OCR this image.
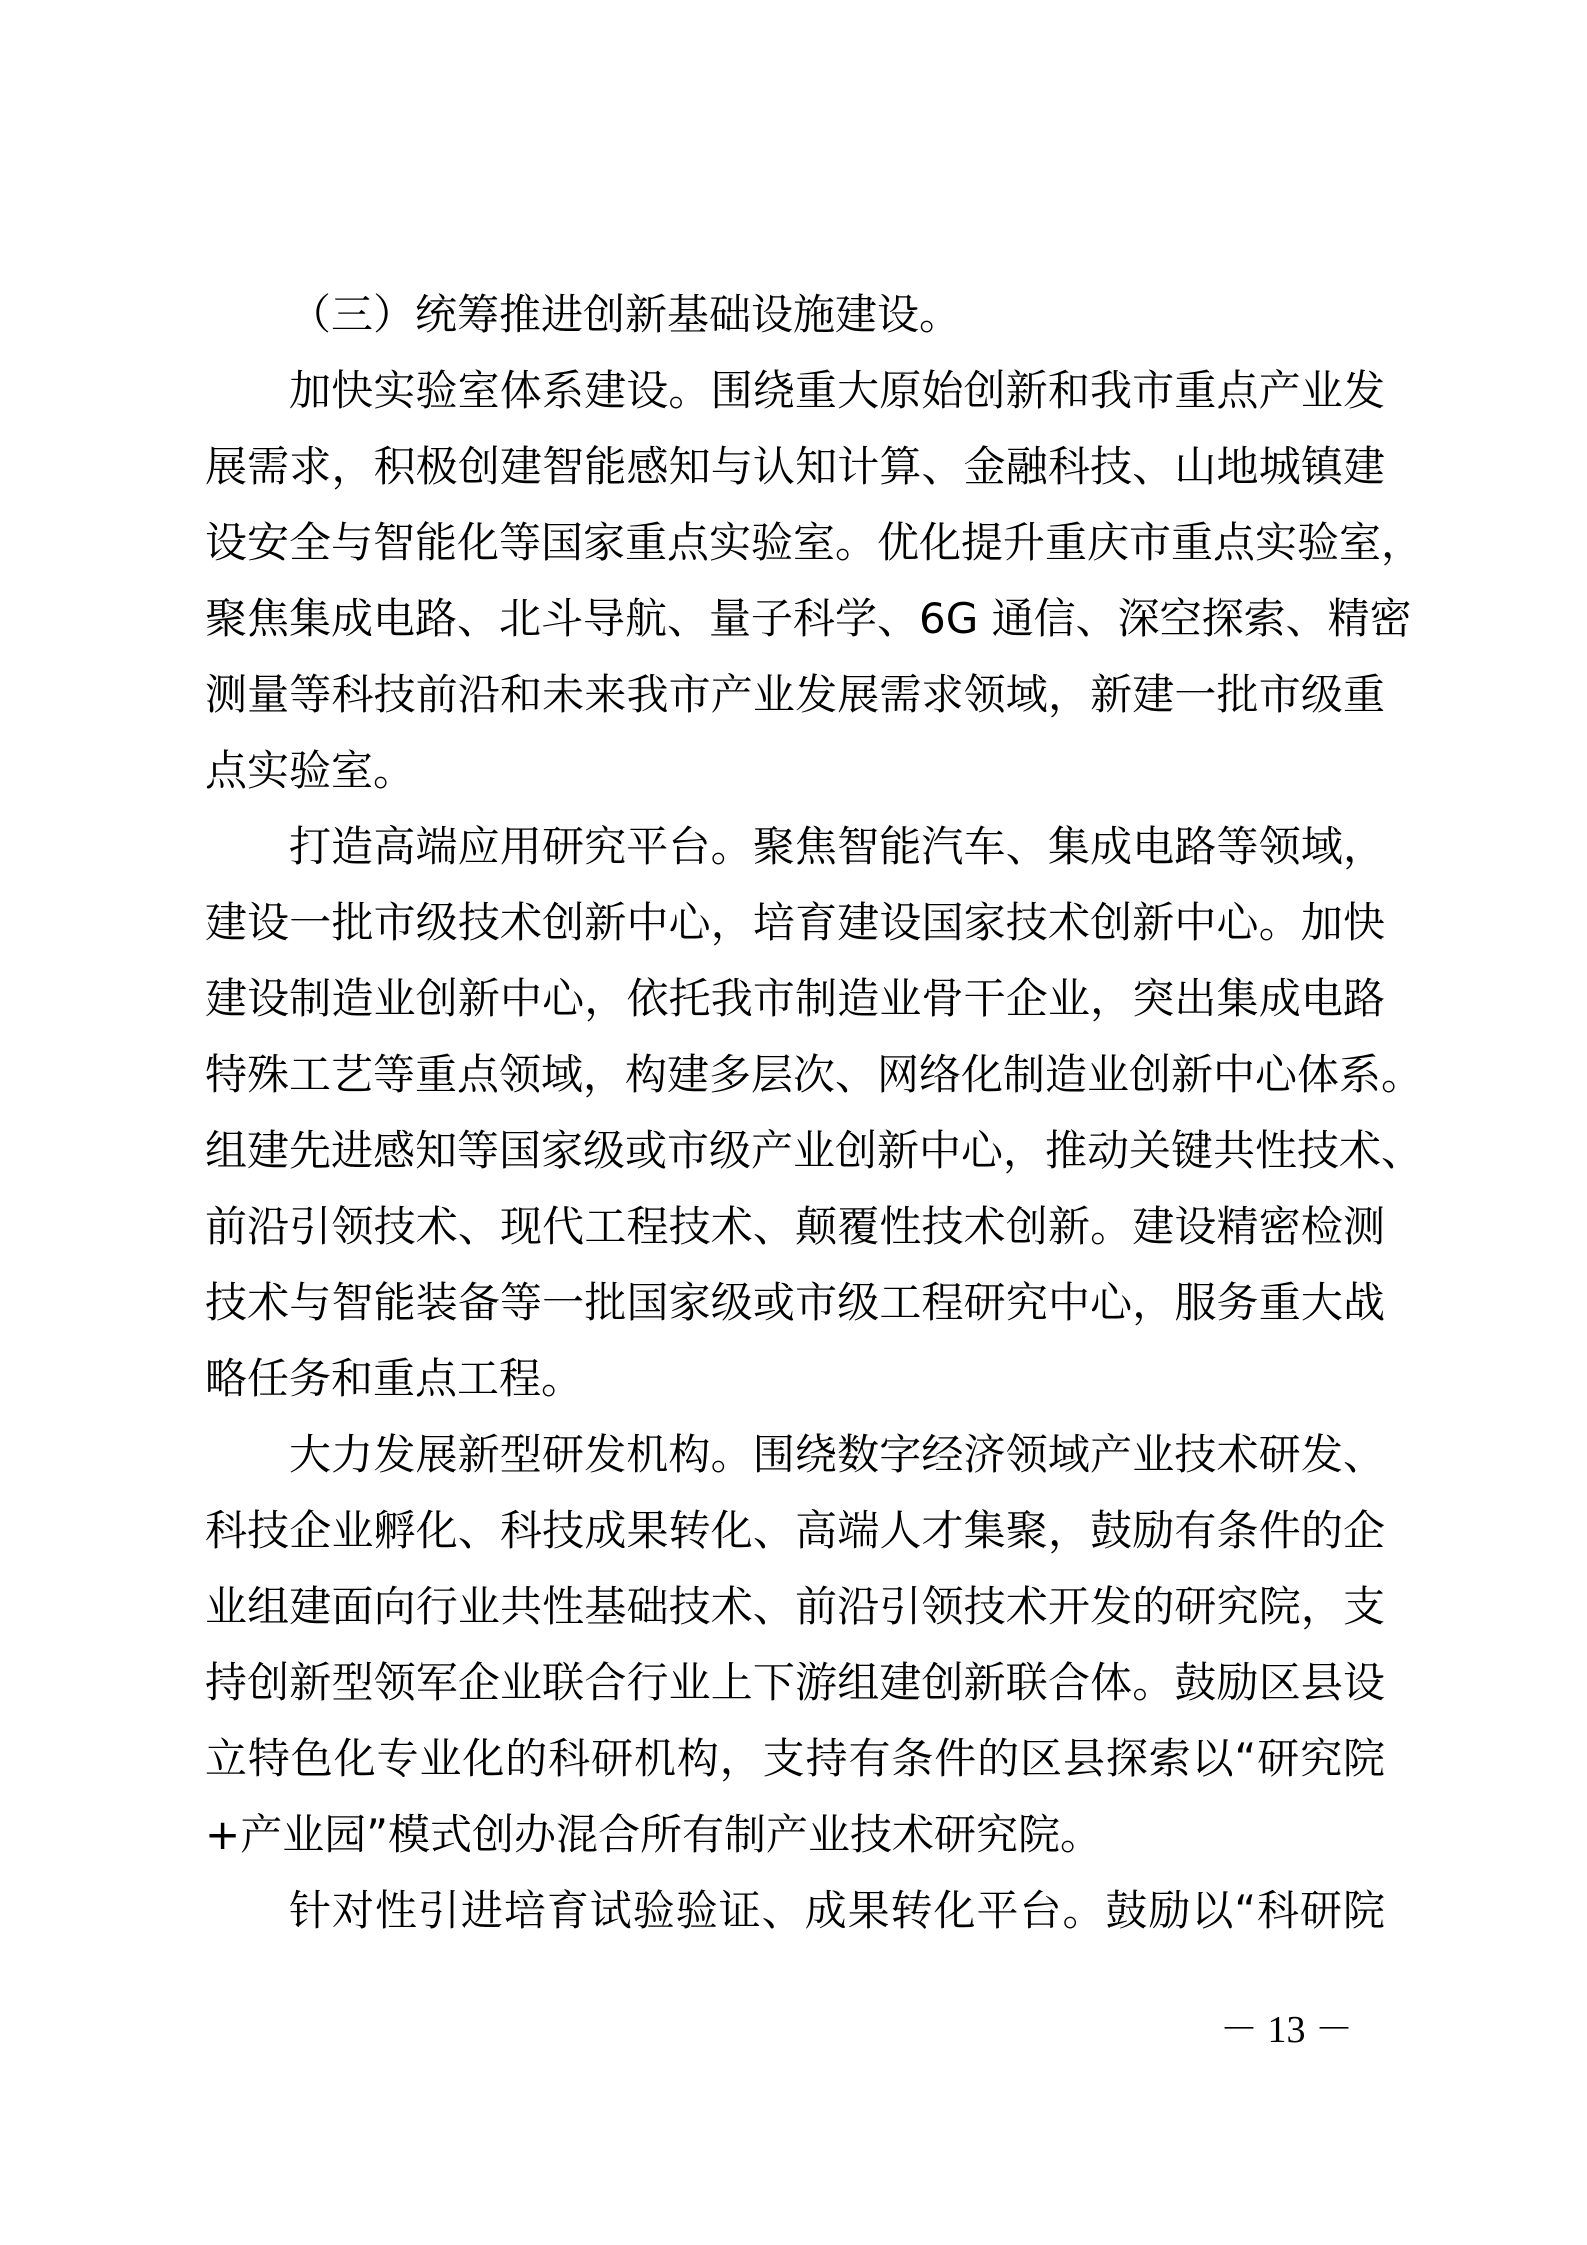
（三）统筹推进创新基础设施建设。
加快实验室体系建设。围绕重大原始创新和我市重点产业发
展需求，积极创建智能感知与认知计算、金融科技、山地城镇建
设安全与智能化等国家重点实验室。优化提升重庆市重点实验室，
聚焦集成电路、北斗导航、量子科学、6G 通信、深空探索、精密
测量等科技前沿和未来我市产业发展需求领域，新建一批市级重
点实验室。
打造高端应用研究平台。聚焦智能汽车、集成电路等领域，
建设一批市级技术创新中心，培育建设国家技术创新中心。加快
建设制造业创新中心，依托我市制造业骨干企业，突出集成电路
特殊工艺等重点领域，构建多层次、网络化制造业创新中心体系。
组建先进感知等国家级或市级产业创新中心，推动关键共性技术、
前沿引领技术、现代工程技术、颠覆性技术创新。建设精密检测
技术与智能装备等一批国家级或市级工程研究中心，服务重大战
略任务和重点工程。
大力发展新型研发机构。围绕数字经济领域产业技术研发、
科技企业孵化、科技成果转化、高端人才集聚，鼓励有条件的企
业组建面向行业共性基础技术、前沿引领技术开发的研究院，支
持创新型领军企业联合行业上下游组建创新联合体。鼓励区县设
立特色化专业化的科研机构，支持有条件的区县探索以“研究院
+产业园”模式创办混合所有制产业技术研究院。
针对性引进培育试验验证、成果转化平台。鼓励以“科研院
－ 13 －
